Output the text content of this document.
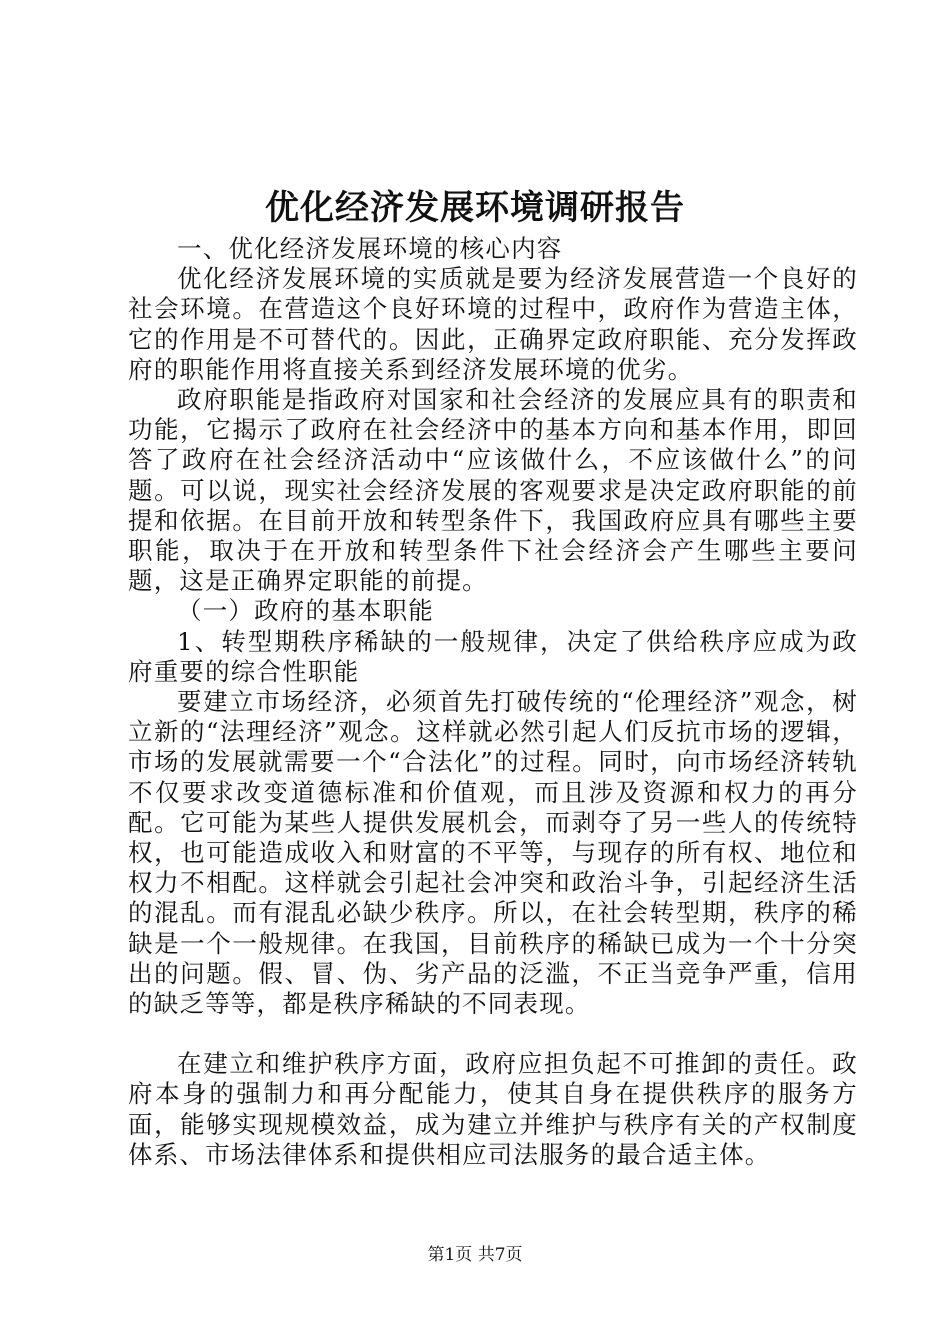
优化经济发展环境调研报告

一、优化经济发展环境的核心内容

优化经济发展环境的实质就是要为经济发展营造一个良好的社会环境。在营造这个良好环境的过程中，政府作为营造主体，它的作用是不可替代的。因此，正确界定政府职能、充分发挥政府的职能作用将直接关系到经济发展环境的优劣。

政府职能是指政府对国家和社会经济的发展应具有的职责和功能，它揭示了政府在社会经济中的基本方向和基本作用，即回答了政府在社会经济活动中“应该做什么，不应该做什么”的问题。可以说，现实社会经济发展的客观要求是决定政府职能的前提和依据。在目前开放和转型条件下，我国政府应具有哪些主要职能，取决于在开放和转型条件下社会经济会产生哪些主要问题，这是正确界定职能的前提。

（一）政府的基本职能

1、转型期秩序稀缺的一般规律，决定了供给秩序应成为政府重要的综合性职能

要建立市场经济，必须首先打破传统的“伦理经济”观念，树立新的“法理经济”观念。这样就必然引起人们反抗市场的逻辑，市场的发展就需要一个“合法化”的过程。同时，向市场经济转轨不仅要求改变道德标准和价值观，而且涉及资源和权力的再分配。它可能为某些人提供发展机会，而剥夺了另一些人的传统特权，也可能造成收入和财富的不平等，与现存的所有权、地位和权力不相配。这样就会引起社会冲突和政治斗争，引起经济生活的混乱。而有混乱必缺少秩序。所以，在社会转型期，秩序的稀缺是一个一般规律。在我国，目前秩序的稀缺已成为一个十分突出的问题。假、冒、伪、劣产品的泛滥，不正当竞争严重，信用的缺乏等等，都是秩序稀缺的不同表现。

在建立和维护秩序方面，政府应担负起不可推卸的责任。政府本身的强制力和再分配能力，使其自身在提供秩序的服务方面，能够实现规模效益，成为建立并维护与秩序有关的产权制度体系、市场法律体系和提供相应司法服务的最合适主体。

第1页 共7页
